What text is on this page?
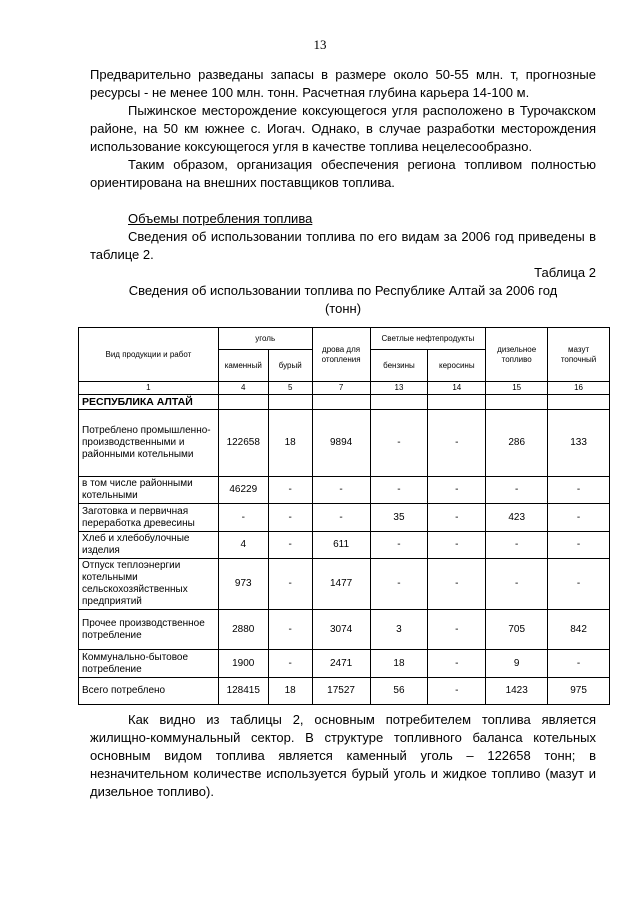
13

Предварительно разведаны запасы в размере около 50-55 млн. т, прогнозные ресурсы - не менее 100 млн. тонн. Расчетная глубина карьера 14-100 м.

Пыжинское месторождение коксующегося угля расположено в Турочакском районе, на 50 км южнее с. Иогач. Однако, в случае разработки месторождения использование коксующегося угля в качестве топлива нецелесообразно.

Таким образом, организация обеспечения региона топливом полностью ориентирована на внешних поставщиков топлива.

Объемы потребления топлива

Сведения об использовании топлива по его видам за 2006 год приведены в таблице 2.

Таблица 2

Сведения об использовании топлива по Республике Алтай за 2006 год

(тонн)

Вид продукции и работ	уголь		дрова для отопления	Светлые нефтепродукты		дизельное топливо	мазут топочный
	каменный	бурый		бензины	керосины		
1	4	5	7	13	14	15	16
РЕСПУБЛИКА АЛТАЙ							
Потреблено промышленно-производственными и районными котельными	122658	18	9894	-	-	286	133
в том числе районными котельными	46229	-	-	-	-	-	-
Заготовка и первичная переработка древесины	-	-	-	35	-	423	-
Хлеб и хлебобулочные изделия	4	-	611	-	-	-	-
Отпуск теплоэнергии котельными сельскохозяйственных предприятий	973	-	1477	-	-	-	-
Прочее производственное потребление	2880	-	3074	3	-	705	842
Коммунально-бытовое потребление	1900	-	2471	18	-	9	-
Всего потреблено	128415	18	17527	56	-	1423	975

Как видно из таблицы 2, основным потребителем топлива является жилищно-коммунальный сектор. В структуре топливного баланса котельных основным видом топлива является каменный уголь – 122658 тонн; в незначительном количестве используется бурый уголь и жидкое топливо (мазут и дизельное топливо).
